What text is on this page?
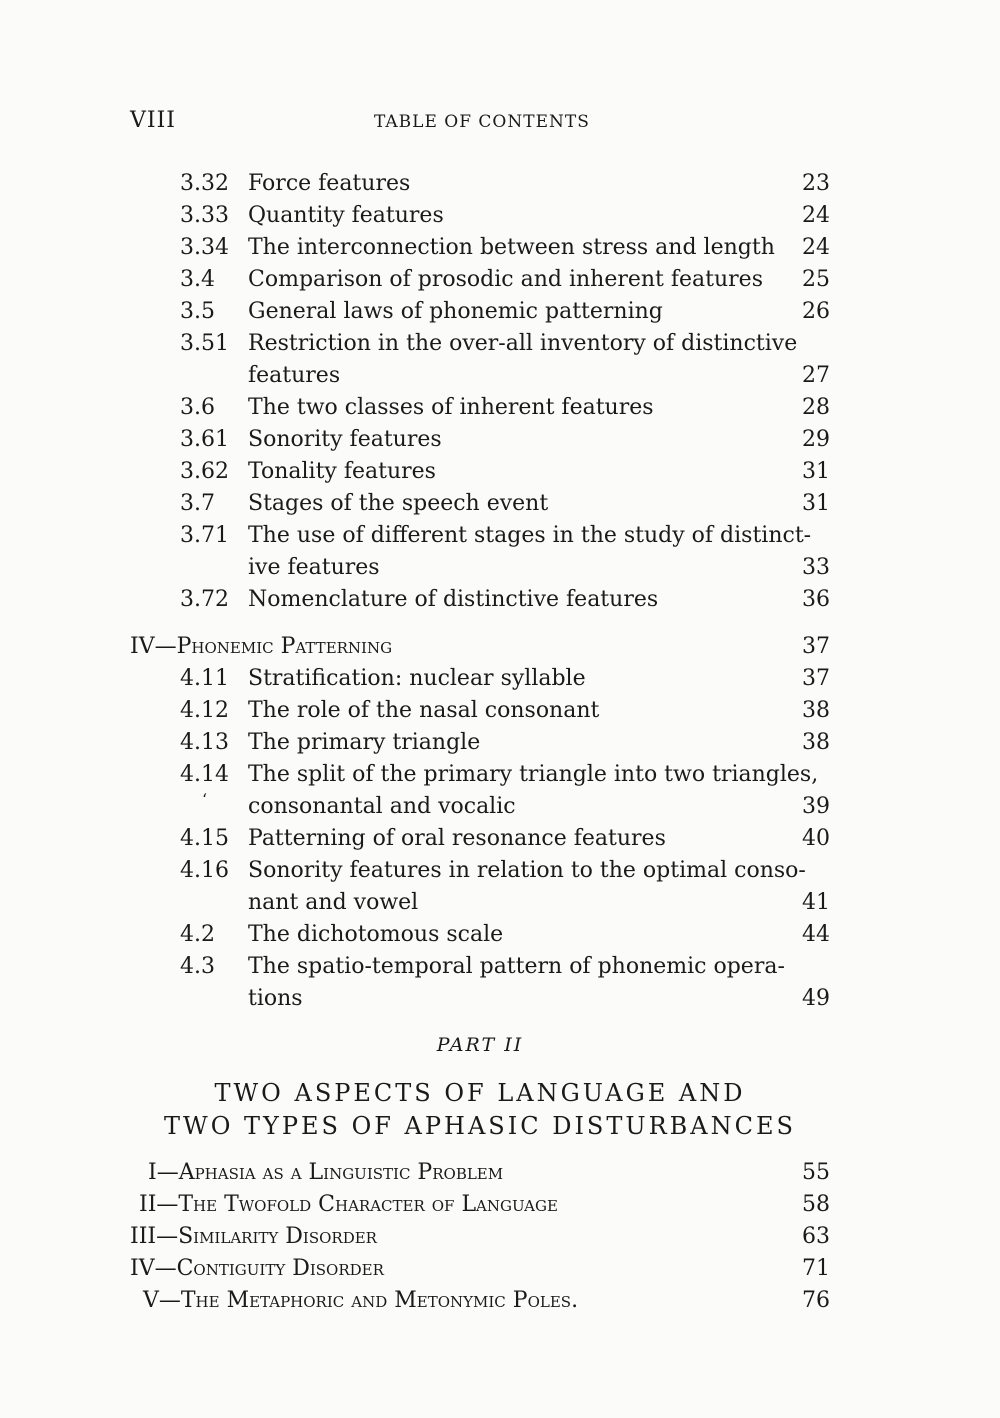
VIII	TABLE OF CONTENTS
3.32 Force features	23
3.33 Quantity features	24
3.34 The interconnection between stress and length 24
3.4 Comparison of prosodic and inherent features 25
3.5 General laws of phonemic patterning	26
3.51 Restriction in the over-all inventory of distinctive
features	27
3.6 The two classes of inherent features	28
3.61 Sonority features	29
3.62 Tonality features	31
3.7 Stages of the speech event	31
3.71 The use of different stages in the study of distinct-
ive features	33
3.72 Nomenclature of distinctive features	36
IV—Phonemic Patterning	37
4.11 Stratification: nuclear syllable	37
4.12 The role of the nasal consonant	38
4.13 The primary triangle	38
4.14 The split of the primary triangle into two triangles,
‘ consonantal and vocalic	39
4.15 Patterning of oral resonance features	40
4.16 Sonority features in relation to the optimal conso-
nant and vowel	41
4.2 The dichotomous scale	44
4.3 The spatio-temporal pattern of phonemic opera-
tions	49
PART II
TWO ASPECTS OF LANGUAGE AND
TWO TYPES OF APHASIC DISTURBANCES
I—Aphasia as a Linguistic Problem	55
II—The Twofold Character of Language	58
III—Similarity Disorder	63
IV—Contiguity Disorder	71
V—The Metaphoric and Metonymic Poles.	76
